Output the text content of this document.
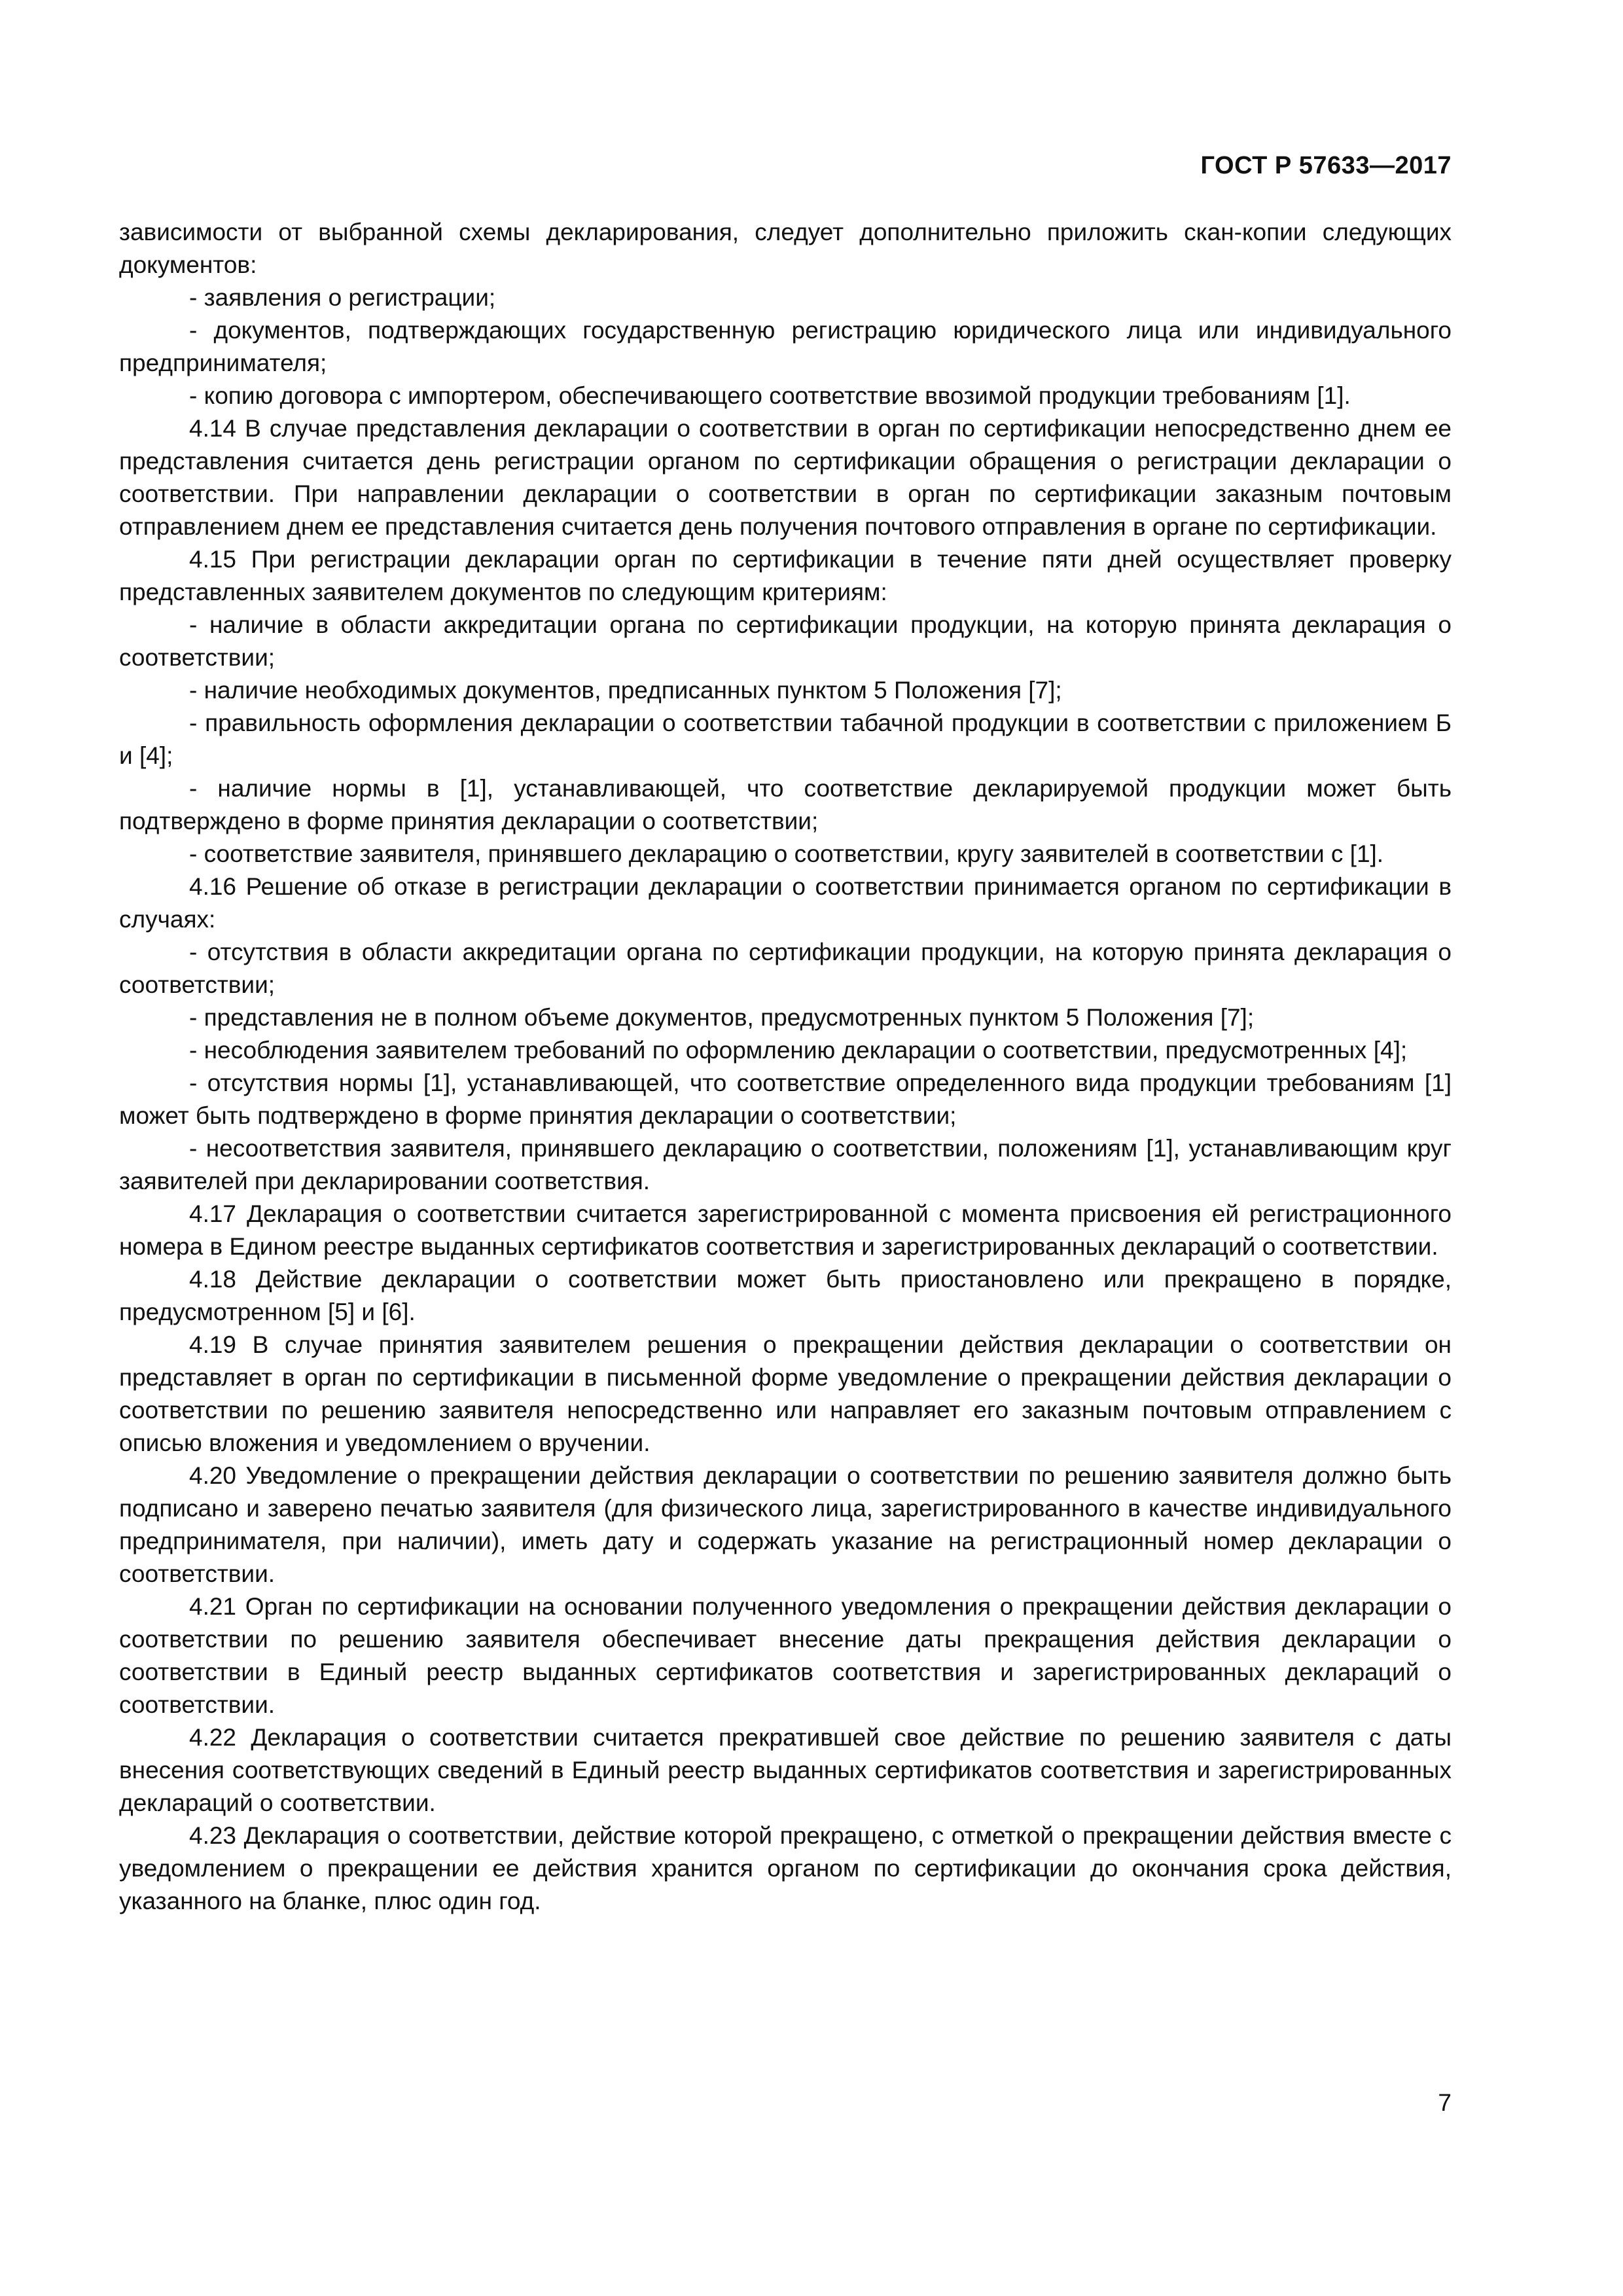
ГОСТ Р 57633—2017

зависимости от выбранной схемы декларирования, следует дополнительно приложить скан-копии следующих документов:

- заявления о регистрации;

- документов, подтверждающих государственную регистрацию юридического лица или индивидуального предпринимателя;

- копию договора с импортером, обеспечивающего соответствие ввозимой продукции требованиям [1].

4.14 В случае представления декларации о соответствии в орган по сертификации непосредственно днем ее представления считается день регистрации органом по сертификации обращения о регистрации декларации о соответствии. При направлении декларации о соответствии в орган по сертификации заказным почтовым отправлением днем ее представления считается день получения почтового отправления в органе по сертификации.

4.15 При регистрации декларации орган по сертификации в течение пяти дней осуществляет проверку представленных заявителем документов по следующим критериям:

- наличие в области аккредитации органа по сертификации продукции, на которую принята декларация о соответствии;

- наличие необходимых документов, предписанных пунктом 5 Положения [7];

- правильность оформления декларации о соответствии табачной продукции в соответствии с приложением Б и [4];

- наличие нормы в [1], устанавливающей, что соответствие декларируемой продукции может быть подтверждено в форме принятия декларации о соответствии;

- соответствие заявителя, принявшего декларацию о соответствии, кругу заявителей в соответствии с [1].

4.16 Решение об отказе в регистрации декларации о соответствии принимается органом по сертификации в случаях:

- отсутствия в области аккредитации органа по сертификации продукции, на которую принята декларация о соответствии;

- представления не в полном объеме документов, предусмотренных пунктом 5 Положения [7];

- несоблюдения заявителем требований по оформлению декларации о соответствии, предусмотренных [4];

- отсутствия нормы [1], устанавливающей, что соответствие определенного вида продукции требованиям [1] может быть подтверждено в форме принятия декларации о соответствии;

- несоответствия заявителя, принявшего декларацию о соответствии, положениям [1], устанавливающим круг заявителей при декларировании соответствия.

4.17 Декларация о соответствии считается зарегистрированной с момента присвоения ей регистрационного номера в Едином реестре выданных сертификатов соответствия и зарегистрированных деклараций о соответствии.

4.18 Действие декларации о соответствии может быть приостановлено или прекращено в порядке, предусмотренном [5] и [6].

4.19 В случае принятия заявителем решения о прекращении действия декларации о соответствии он представляет в орган по сертификации в письменной форме уведомление о прекращении действия декларации о соответствии по решению заявителя непосредственно или направляет его заказным почтовым отправлением с описью вложения и уведомлением о вручении.

4.20 Уведомление о прекращении действия декларации о соответствии по решению заявителя должно быть подписано и заверено печатью заявителя (для физического лица, зарегистрированного в качестве индивидуального предпринимателя, при наличии), иметь дату и содержать указание на регистрационный номер декларации о соответствии.

4.21 Орган по сертификации на основании полученного уведомления о прекращении действия декларации о соответствии по решению заявителя обеспечивает внесение даты прекращения действия декларации о соответствии в Единый реестр выданных сертификатов соответствия и зарегистрированных деклараций о соответствии.

4.22 Декларация о соответствии считается прекратившей свое действие по решению заявителя с даты внесения соответствующих сведений в Единый реестр выданных сертификатов соответствия и зарегистрированных деклараций о соответствии.

4.23 Декларация о соответствии, действие которой прекращено, с отметкой о прекращении действия вместе с уведомлением о прекращении ее действия хранится органом по сертификации до окончания срока действия, указанного на бланке, плюс один год.

7
